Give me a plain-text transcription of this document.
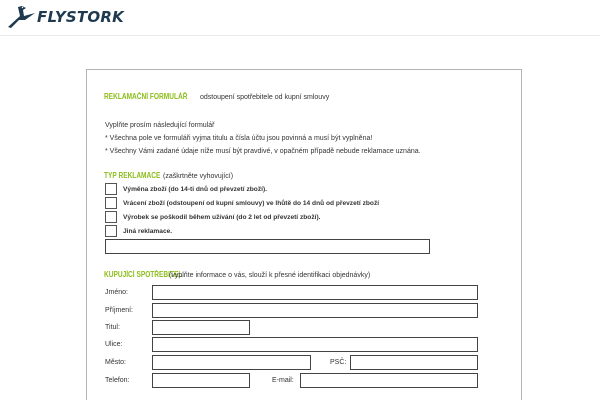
FLYSTORK
REKLAMAČNÍ FORMULÁŘ odstoupení spotřebitele od kupní smlouvy
Vyplňte prosím následující formulář
* Všechna pole ve formuláři vyjma titulu a čísla účtu jsou povinná a musí být vyplněna!
* Všechny Vámi zadané údaje níže musí být pravdivé, v opačném případě nebude reklamace uznána.
TYP REKLAMACE (zaškrtněte vyhovující)
Výměna zboží (do 14-ti dnů od převzetí zboží).
Vrácení zboží (odstoupení od kupní smlouvy) ve lhůtě do 14 dnů od převzetí zboží
Výrobek se poškodil během užívání (do 2 let od převzetí zboží).
Jiná reklamace.
KUPUJÍCÍ SPOTŘEBITEL
(vyplňte informace o vás, slouží k přesné identifikaci objednávky)
Jméno:
Příjmení:
Titul:
Ulice:
Město:	PSČ:
Telefon:	E-mail:
